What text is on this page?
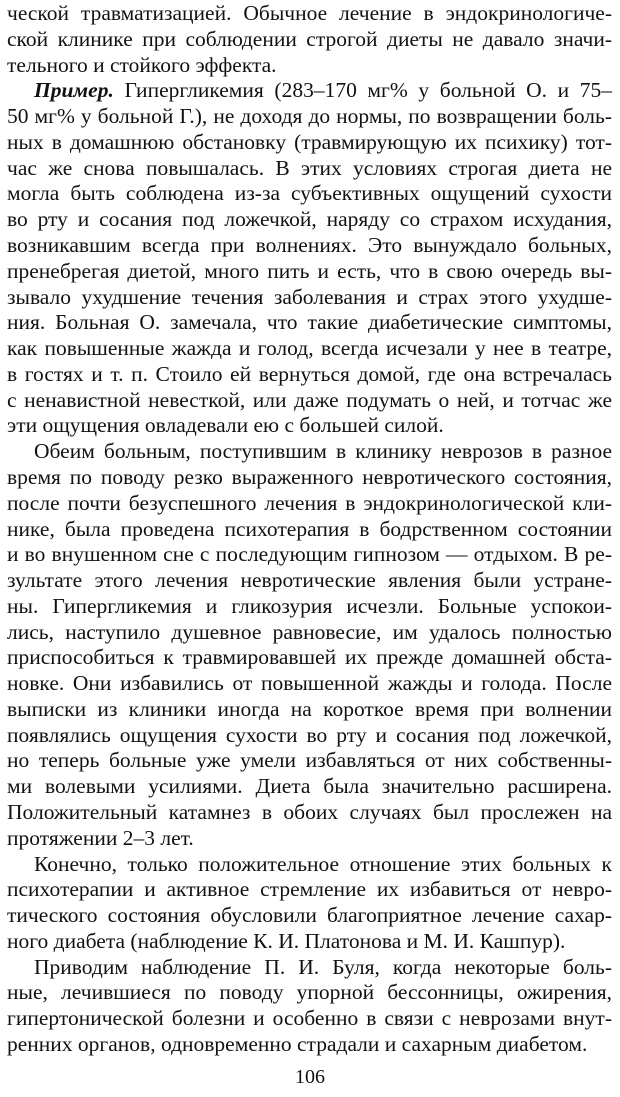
ческой травматизацией. Обычное лечение в эндокринологиче-
ской клинике при соблюдении строгой диеты не давало значи-
тельного и стойкого эффекта.
Пример. Гипергликемия (283–170 мг% у больной О. и 75–
50 мг% у больной Г.), не доходя до нормы, по возвращении боль-
ных в домашнюю обстановку (травмирующую их психику) тот-
час же снова повышалась. В этих условиях строгая диета не
могла быть соблюдена из-за субъективных ощущений сухости
во рту и сосания под ложечкой, наряду со страхом исхудания,
возникавшим всегда при волнениях. Это вынуждало больных,
пренебрегая диетой, много пить и есть, что в свою очередь вы-
зывало ухудшение течения заболевания и страх этого ухудше-
ния. Больная О. замечала, что такие диабетические симптомы,
как повышенные жажда и голод, всегда исчезали у нее в театре,
в гостях и т. п. Стоило ей вернуться домой, где она встречалась
с ненавистной невесткой, или даже подумать о ней, и тотчас же
эти ощущения овладевали ею с большей силой.
Обеим больным, поступившим в клинику неврозов в разное
время по поводу резко выраженного невротического состояния,
после почти безуспешного лечения в эндокринологической кли-
нике, была проведена психотерапия в бодрственном состоянии
и во внушенном сне с последующим гипнозом — отдыхом. В ре-
зультате этого лечения невротические явления были устране-
ны. Гипергликемия и гликозурия исчезли. Больные успокои-
лись, наступило душевное равновесие, им удалось полностью
приспособиться к травмировавшей их прежде домашней обста-
новке. Они избавились от повышенной жажды и голода. После
выписки из клиники иногда на короткое время при волнении
появлялись ощущения сухости во рту и сосания под ложечкой,
но теперь больные уже умели избавляться от них собственны-
ми волевыми усилиями. Диета была значительно расширена.
Положительный катамнез в обоих случаях был прослежен на
протяжении 2–3 лет.
Конечно, только положительное отношение этих больных к
психотерапии и активное стремление их избавиться от невро-
тического состояния обусловили благоприятное лечение сахар-
ного диабета (наблюдение К. И. Платонова и М. И. Кашпур).
Приводим наблюдение П. И. Буля, когда некоторые боль-
ные, лечившиеся по поводу упорной бессонницы, ожирения,
гипертонической болезни и особенно в связи с неврозами внут-
ренних органов, одновременно страдали и сахарным диабетом.
106
